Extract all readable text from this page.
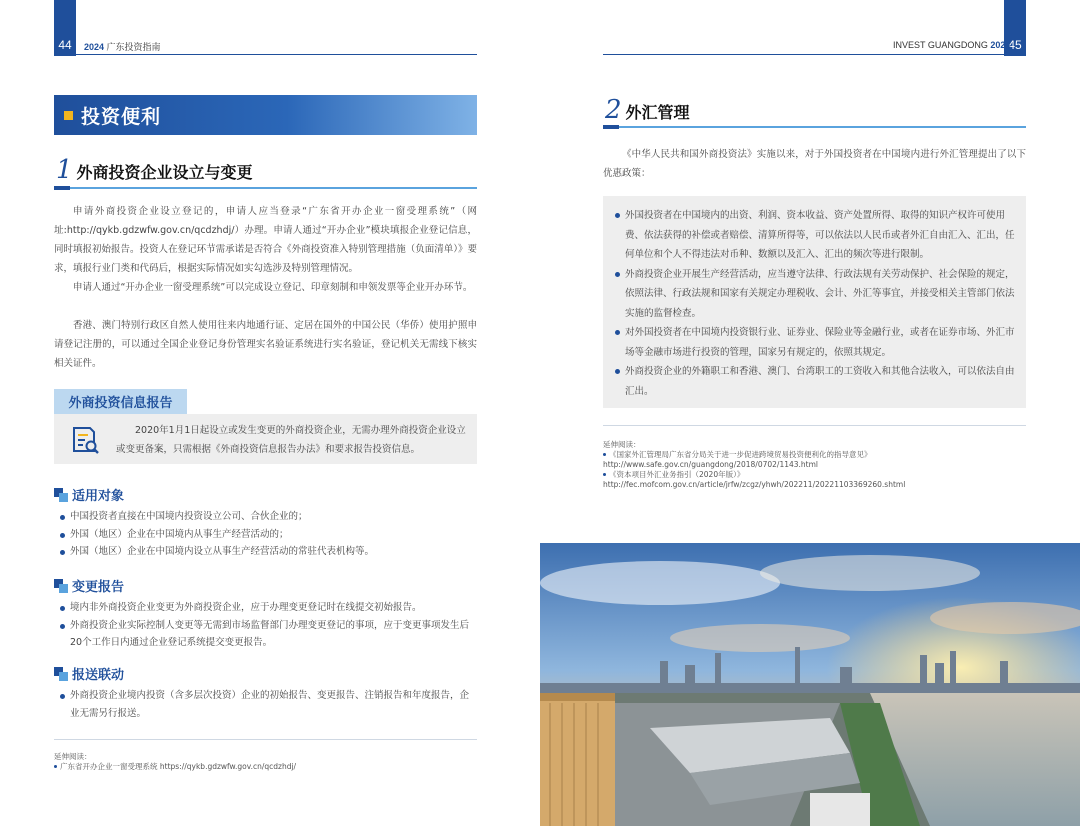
44	2024 广东投资指南	45
INVEST GUANGDONG 2024
投资便利
1 外商投资企业设立与变更
申请外商投资企业设立登记的，申请人应当登录“广东省开办企业一窗受理系统”（网址:http://qykb.gdzwfw.gov.cn/qcdzhdj/）办理。申请人通过“开办企业”模块填报企业登记信息，同时填报初始报告。投资人在登记环节需承诺是否符合《外商投资准入特别管理措施（负面清单）》要求，填报行业门类和代码后，根据实际情况如实勾选涉及特别管理情况。
申请人通过“开办企业一窗受理系统”可以完成设立登记、印章刻制和申领发票等企业开办环节。
香港、澳门特别行政区自然人使用往来内地通行证、定居在国外的中国公民（华侨）使用护照申请登记注册的，可以通过全国企业登记身份管理实名验证系统进行实名验证，登记机关无需线下核实相关证件。
外商投资信息报告
2020年1月1日起设立或发生变更的外商投资企业，无需办理外商投资企业设立或变更备案，只需根据《外商投资信息报告办法》和要求报告投资信息。
适用对象
中国投资者直接在中国境内投资设立公司、合伙企业的；
外国（地区）企业在中国境内从事生产经营活动的；
外国（地区）企业在中国境内设立从事生产经营活动的常驻代表机构等。
变更报告
境内非外商投资企业变更为外商投资企业，应于办理变更登记时在线提交初始报告。
外商投资企业实际控制人变更等无需到市场监督部门办理变更登记的事项，应于变更事项发生后20个工作日内通过企业登记系统提交变更报告。
报送联动
外商投资企业境内投资（含多层次投资）企业的初始报告、变更报告、注销报告和年度报告，企业无需另行报送。
延伸阅读：
广东省开办企业一窗受理系统 https://qykb.gdzwfw.gov.cn/qcdzhdj/
2 外汇管理
《中华人民共和国外商投资法》实施以来，对于外国投资者在中国境内进行外汇管理提出了以下优惠政策：
外国投资者在中国境内的出资、利润、资本收益、资产处置所得、取得的知识产权许可使用费、依法获得的补偿或者赔偿、清算所得等，可以依法以人民币或者外汇自由汇入、汇出，任何单位和个人不得违法对币种、数额以及汇入、汇出的频次等进行限制。
外商投资企业开展生产经营活动，应当遵守法律、行政法规有关劳动保护、社会保险的规定，依照法律、行政法规和国家有关规定办理税收、会计、外汇等事宜，并接受相关主管部门依法实施的监督检查。
对外国投资者在中国境内投资银行业、证券业、保险业等金融行业，或者在证券市场、外汇市场等金融市场进行投资的管理，国家另有规定的，依照其规定。
外商投资企业的外籍职工和香港、澳门、台湾职工的工资收入和其他合法收入，可以依法自由汇出。
延伸阅读：
《国家外汇管理局广东省分局关于进一步促进跨境贸易投资便利化的指导意见》
http://www.safe.gov.cn/guangdong/2018/0702/1143.html
《资本项目外汇业务指引（2020年版）》
http://fec.mofcom.gov.cn/article/jrfw/zcgz/yhwh/202211/20221103369260.shtml
